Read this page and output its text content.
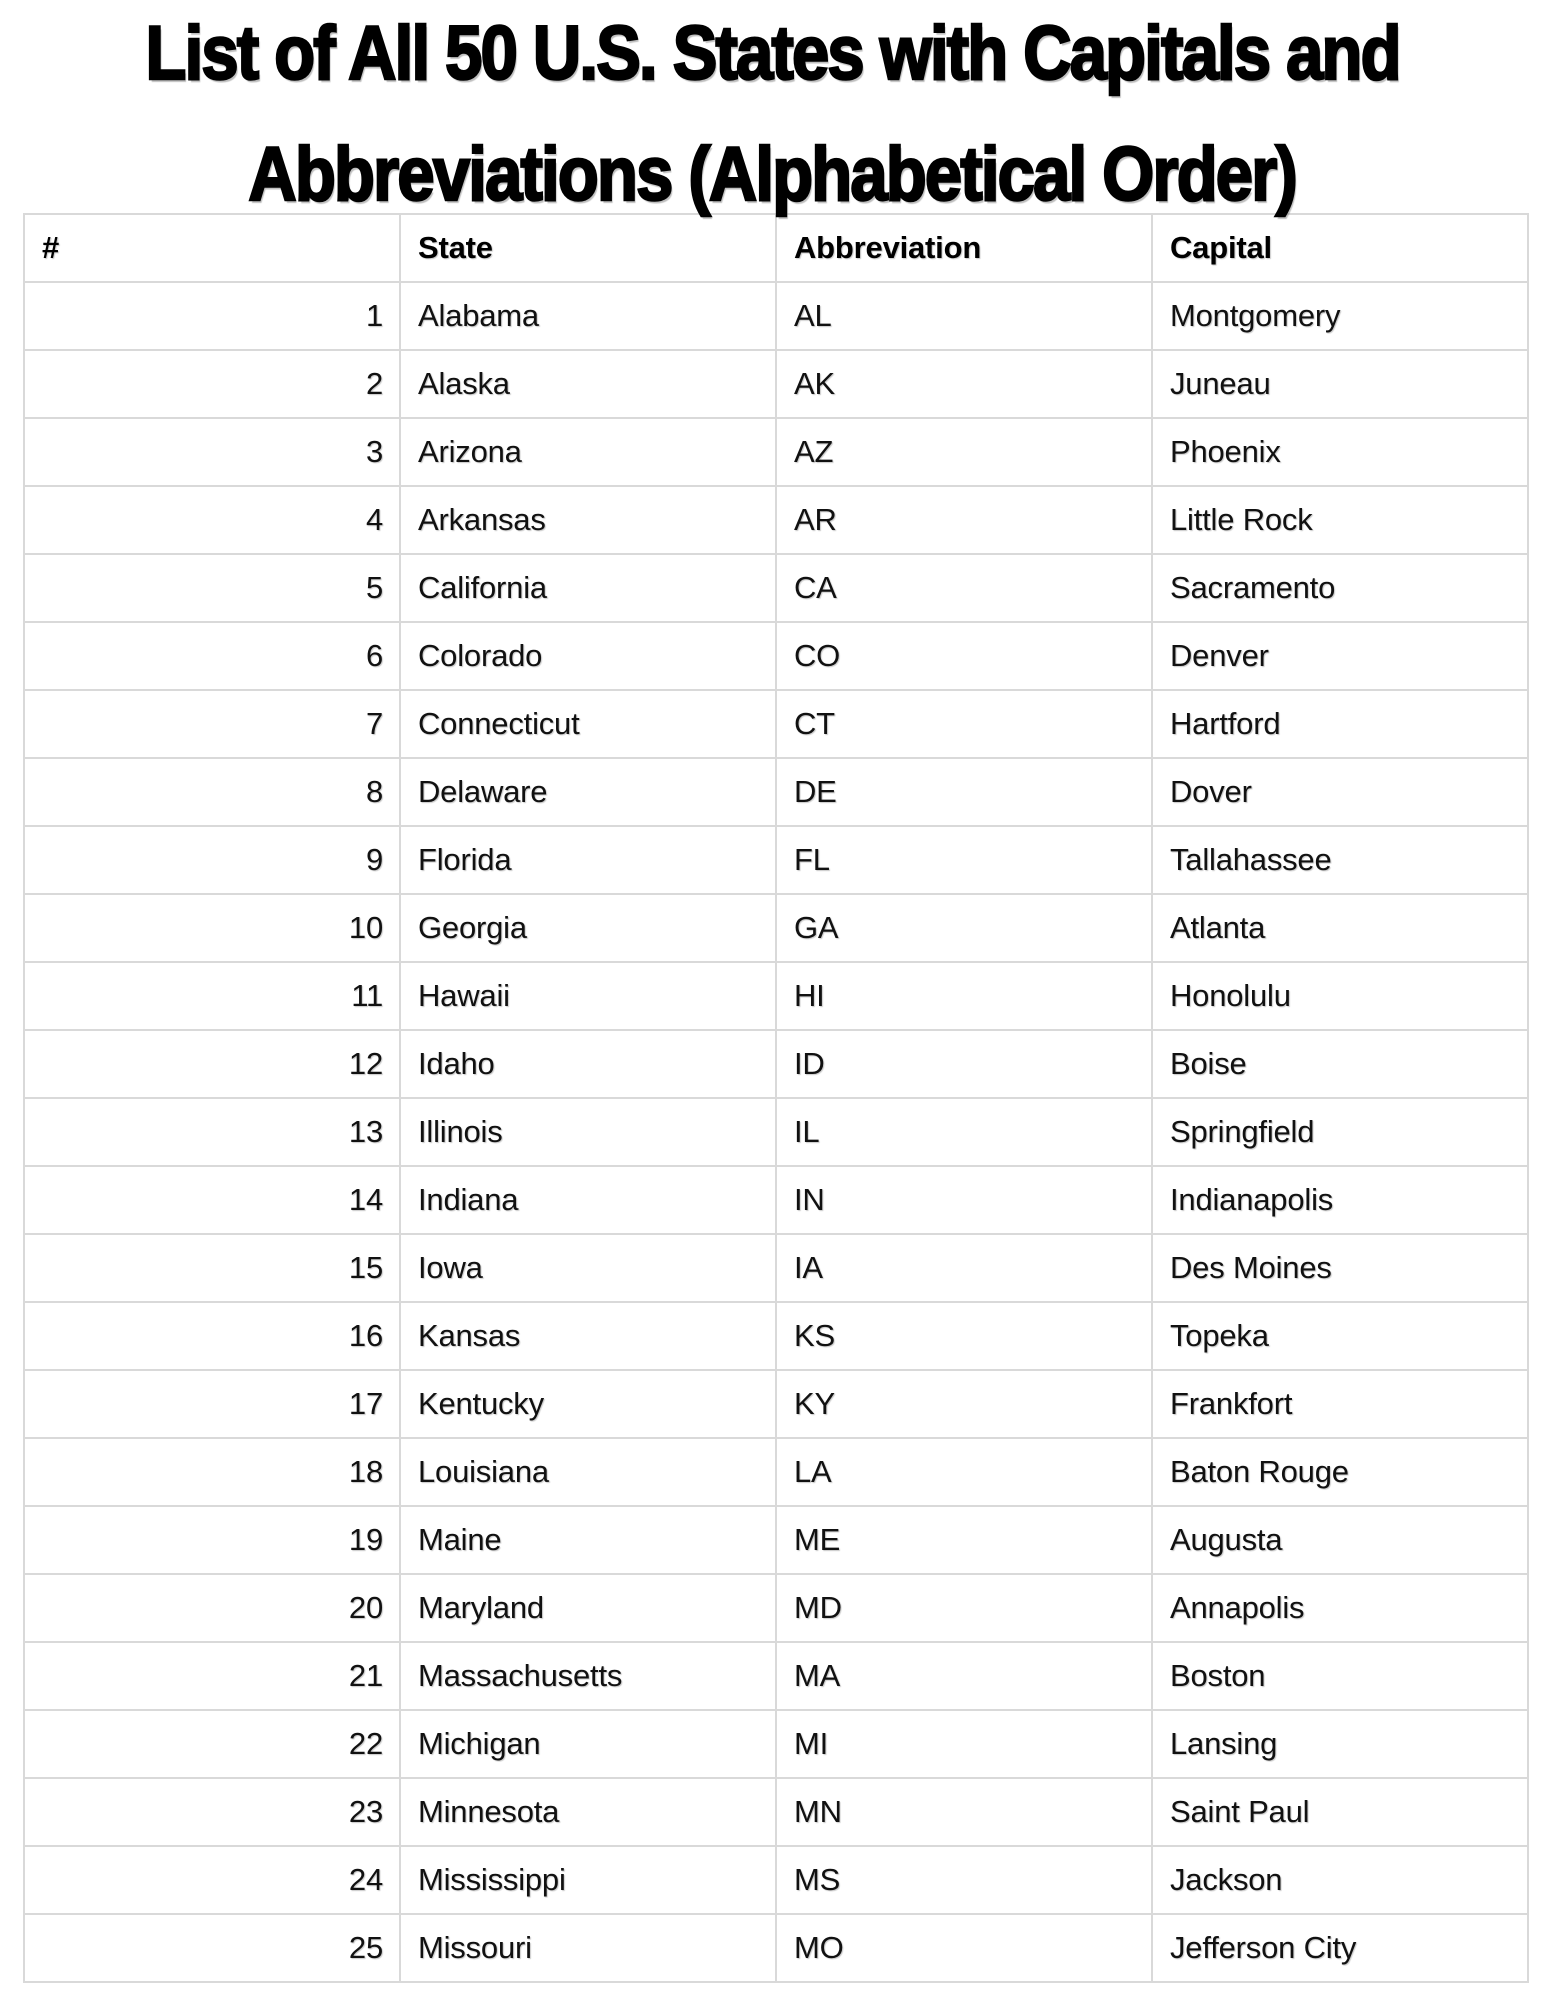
List of All 50 U.S. States with Capitals and
Abbreviations (Alphabetical Order)
#	State	Abbreviation	Capital
1	Alabama	AL	Montgomery
2	Alaska	AK	Juneau
3	Arizona	AZ	Phoenix
4	Arkansas	AR	Little Rock
5	California	CA	Sacramento
6	Colorado	CO	Denver
7	Connecticut	CT	Hartford
8	Delaware	DE	Dover
9	Florida	FL	Tallahassee
10	Georgia	GA	Atlanta
11	Hawaii	HI	Honolulu
12	Idaho	ID	Boise
13	Illinois	IL	Springfield
14	Indiana	IN	Indianapolis
15	Iowa	IA	Des Moines
16	Kansas	KS	Topeka
17	Kentucky	KY	Frankfort
18	Louisiana	LA	Baton Rouge
19	Maine	ME	Augusta
20	Maryland	MD	Annapolis
21	Massachusetts	MA	Boston
22	Michigan	MI	Lansing
23	Minnesota	MN	Saint Paul
24	Mississippi	MS	Jackson
25	Missouri	MO	Jefferson City
